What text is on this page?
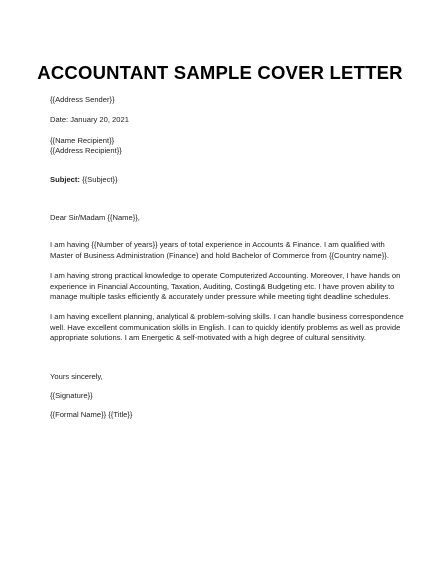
ACCOUNTANT SAMPLE COVER LETTER
{{Address Sender}}
Date: January 20, 2021
{{Name Recipient}}
{{Address Recipient}}
Subject: {{Subject}}
Dear Sir/Madam {{Name}},
I am having {{Number of years}} years of total experience in Accounts & Finance. I am qualified with
Master of Business Administration (Finance) and hold Bachelor of Commerce from {{Country name}}.
I am having strong practical knowledge to operate Computerized Accounting. Moreover, I have hands on
experience in Financial Accounting, Taxation, Auditing, Costing& Budgeting etc. I have proven ability to
manage multiple tasks efficiently & accurately under pressure while meeting tight deadline schedules.
I am having excellent planning, analytical & problem-solving skills. I can handle business correspondence
well. Have excellent communication skills in English. I can to quickly identify problems as well as provide
appropriate solutions. I am Energetic & self-motivated with a high degree of cultural sensitivity.
Yours sincerely,
{{Signature}}
{{Formal Name}} {{Title}}
